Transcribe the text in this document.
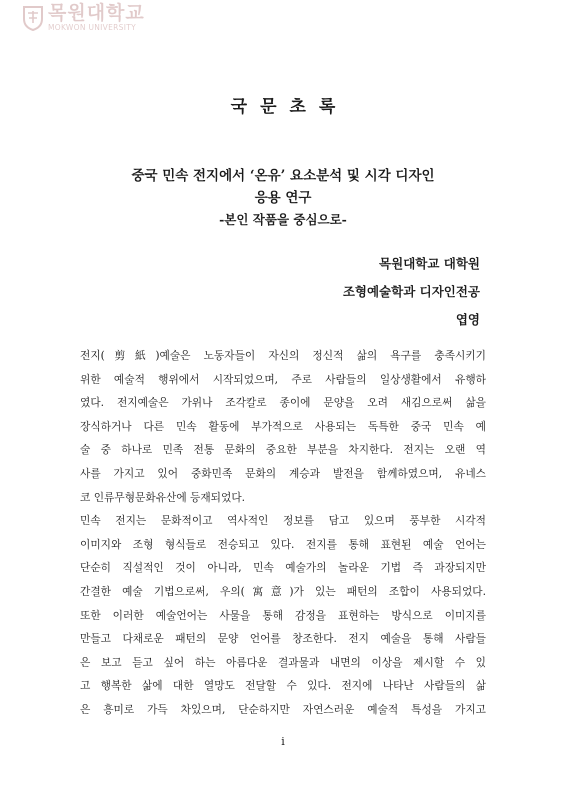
목원대학교
MOKWON UNIVERSITY
국문초록
중국 민속 전지에서 ‘온유’ 요소분석 및 시각 디자인
응용 연구
-본인 작품을 중심으로-
목원대학교 대학원
조형예술학과 디자인전공
엽영
전지(剪紙)예술은 노동자들이 자신의 정신적 삶의 욕구를 충족시키기
위한 예술적 행위에서 시작되었으며, 주로 사람들의 일상생활에서 유행하
였다. 전지예술은 가위나 조각칼로 종이에 문양을 오려 새김으로써 삶을
장식하거나 다른 민속 활동에 부가적으로 사용되는 독특한 중국 민속 예
술 중 하나로 민족 전통 문화의 중요한 부분을 차지한다. 전지는 오랜 역
사를 가지고 있어 중화민족 문화의 계승과 발전을 함께하였으며, 유네스
코 인류무형문화유산에 등재되었다.
민속 전지는 문화적이고 역사적인 정보를 담고 있으며 풍부한 시각적
이미지와 조형 형식들로 전승되고 있다. 전지를 통해 표현된 예술 언어는
단순히 직설적인 것이 아니라, 민속 예술가의 놀라운 기법 즉 과장되지만
간결한 예술 기법으로써, 우의(寓意)가 있는 패턴의 조합이 사용되었다.
또한 이러한 예술언어는 사물을 통해 감정을 표현하는 방식으로 이미지를
만들고 다채로운 패턴의 문양 언어를 창조한다. 전지 예술을 통해 사람들
은 보고 듣고 싶어 하는 아름다운 결과물과 내면의 이상을 제시할 수 있
고 행복한 삶에 대한 열망도 전달할 수 있다. 전지에 나타난 사람들의 삶
은 흥미로 가득 차있으며, 단순하지만 자연스러운 예술적 특성을 가지고
i
